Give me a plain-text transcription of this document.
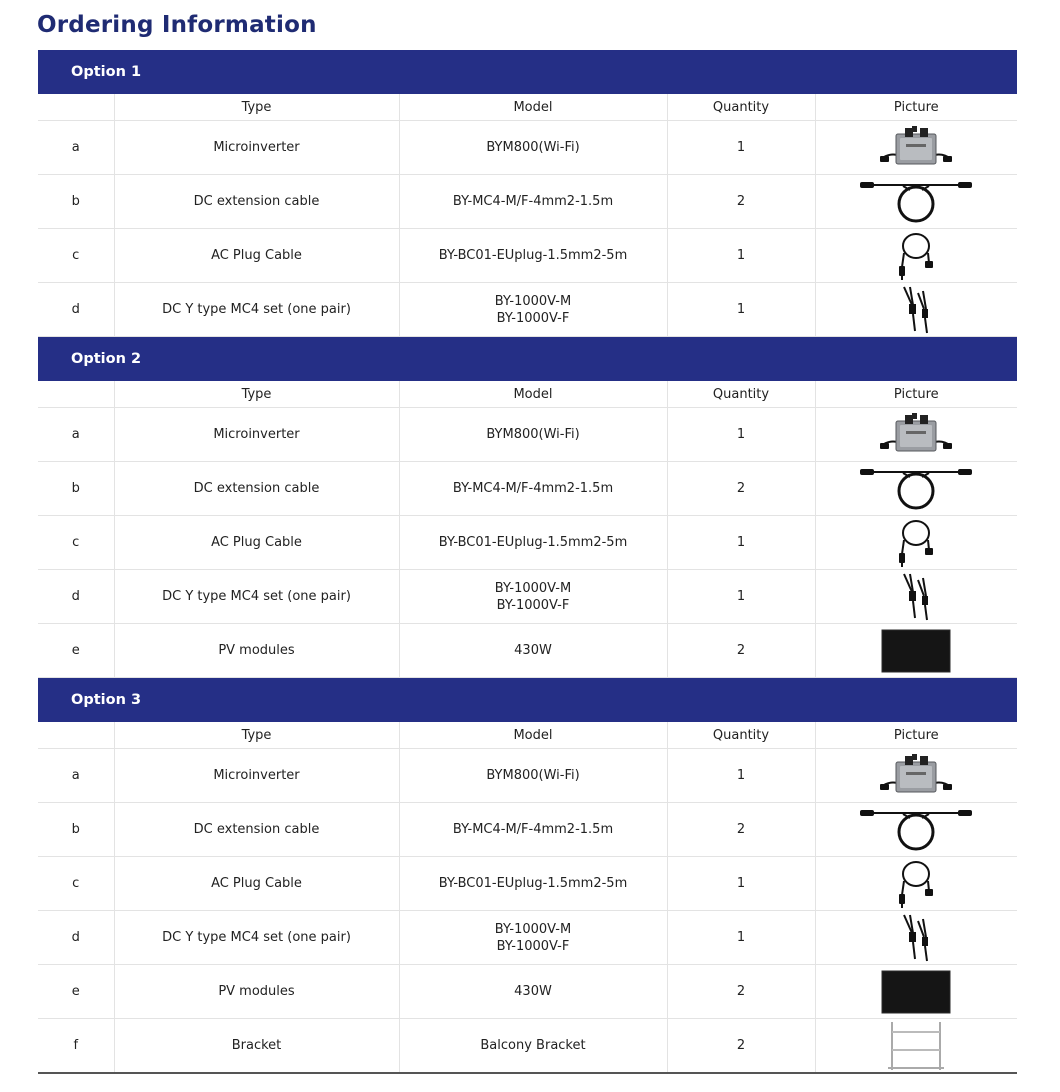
Ordering Information
Option 1				
	Type	Model	Quantity	Picture
a	Microinverter	BYM800(Wi-Fi)	1	

b	DC extension cable	BY-MC4-M/F-4mm2-1.5m	2	

c	AC Plug Cable	BY-BC01-EUplug-1.5mm2-5m	1	

d	DC Y type MC4 set (one pair)	BY-1000V-M
BY-1000V-F	1	

Option 2				
	Type	Model	Quantity	Picture
a	Microinverter	BYM800(Wi-Fi)	1	

b	DC extension cable	BY-MC4-M/F-4mm2-1.5m	2	

c	AC Plug Cable	BY-BC01-EUplug-1.5mm2-5m	1	

d	DC Y type MC4 set (one pair)	BY-1000V-M
BY-1000V-F	1	

e	PV modules	430W	2	

Option 3				
	Type	Model	Quantity	Picture
a	Microinverter	BYM800(Wi-Fi)	1	

b	DC extension cable	BY-MC4-M/F-4mm2-1.5m	2	

c	AC Plug Cable	BY-BC01-EUplug-1.5mm2-5m	1	

d	DC Y type MC4 set (one pair)	BY-1000V-M
BY-1000V-F	1	

e	PV modules	430W	2	

f	Bracket	Balcony Bracket	2	
